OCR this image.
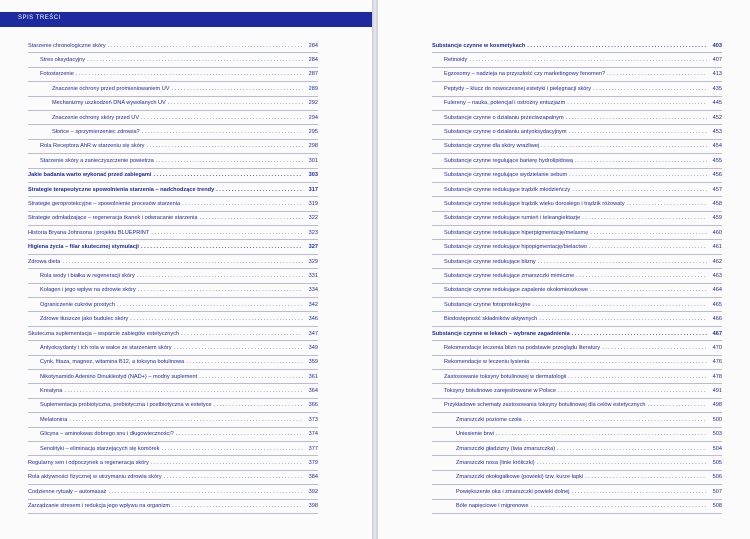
SPIS TREŚCI
Starzenie chronologiczne skóry . . .	284
Stres oksydacyjny . . .	284
Fotostarzenie . . .	287
Znaczenie ochrony przed promieniowaniem UV . . .	289
Mechanizmy uszkodzeń DNA wywołanych UV . . .	292
Znaczenie ochrony skóry przed UV . . .	294
Słońce – sprzymierzeniec zdrowia? . . .	295
Rola Receptora AhR w starzeniu się skóry . . .	298
Starzenie skóry a zanieczyszczenie powietrza . . .	301
Jakie badania warto wykonać przed zabiegami . . .	303
Strategie terapeutyczne spowolnienia starzenia – nadchodzące trendy . . .	317
Strategie geroprotekcyjne – spowolnienie procesów starzenia . . .	319
Strategie odmładzające – regeneracja tkanek i odwracanie starzenia . . .	322
Historia Bryana Johnsona i projektu BLUEPRINT . . .	323
Higiena życia – filar skutecznej stymulacji . . .	327
Zdrowa dieta . . .	329
Rola wody i białka w regeneracji skóry . . .	331
Kolagen i jego wpływ na zdrowie skóry . . .	334
Ograniczenie cukrów prostych . . .	342
Zdrowe tłuszcze jako budulec skóry . . .	346
Skuteczna suplementacja – wsparcie zabiegów estetycznych . . .	347
Antyoksydanty i ich rola w walce ze starzeniem skóry . . .	349
Cynk, fitaza, magnez, witamina B12, a toksyna botulinowa . . .	359
Nikotynamido Adenino Dinukleotyd (NAD+) – modny suplement . . .	361
Kreatyna . . .	364
Suplementacja probiotyczna, prebiotyczna i postbiotyczna w estetyce . . .	366
Melatonina . . .	373
Glicyna – aminokwas dobrego snu i długowieczności? . . .	374
Senolityki – eliminacja starzejących się komórek . . .	377
Regularny sen i odpoczynek a regeneracja skóry . . .	379
Rola aktywności fizycznej w utrzymaniu zdrowia skóry . . .	384
Codzienne rytuały – automasaż . . .	392
Zarządzanie stresem i redukcja jego wpływu na organizm . . .	398
Substancje czynne w kosmetykach . . .	403
Retinoidy . . .	407
Egzosomy – nadzieja na przyszłość czy marketingowy fenomen? . . .	413
Peptydy – klucz do nowoczesnej estetyki i pielęgnacji skóry . . .	435
Fulereny – nauka, potencjał i ostrożny entuzjazm . . .	445
Substancje czynne o działaniu przeciwzapalnym . . .	452
Substancje czynne o działaniu antyoksydacyjnym . . .	453
Substancje czynne dla skóry wrażliwej . . .	454
Substancje czynne regulujące barierę hydrolipidową . . .	455
Substancje czynne regulujące wydzielanie sebum . . .	456
Substancje czynne redukujące trądzik młodzieńczy . . .	457
Substancje czynne redukujące trądzik wieku dorosłego i trądzik różowaty . . .	458
Substancje czynne redukujące rumień i teleangiektazje . . .	459
Substancje czynne redukujące hiperpigmentację/melasmę . . .	460
Substancje czynne redukujące hipopigmentację/bielactwo . . .	461
Substancje czynne redukujące blizny . . .	462
Substancje czynne redukujące zmarszczki mimiczne . . .	463
Substancje czynne redukujące zapalenie okołomieszkowe . . .	464
Substancje czynne fotoprotekcyjne . . .	465
Biodostępność składników aktywnych . . .	466
Substancje czynne w lekach – wybrane zagadnienia . . .	467
Rekomendacje leczenia blizn na podstawie przeglądu literatury . . .	470
Rekomendacje w leczeniu łysienia . . .	476
Zastosowanie toksyny botulinowej w dermatologii . . .	478
Toksyny botulinowe zarejestrowane w Polsce . . .	491
Przykładowe schematy zastosowania toksyny botulinowej dla celów estetycznych . . .	498
Zmarszczki poziome czoła . . .	500
Uniesienie brwi . . .	503
Zmarszczki gładzizny (lwia zmarszczka) . . .	504
Zmarszczki nosa (linie króliczki) . . .	505
Zmarszczki okołogałkowe (powieki) tzw. kurze łapki . . .	506
Powiększenie oka i zmarszczki powieki dolnej . . .	507
Bóle napięciowe i migrenowe . . .	508
